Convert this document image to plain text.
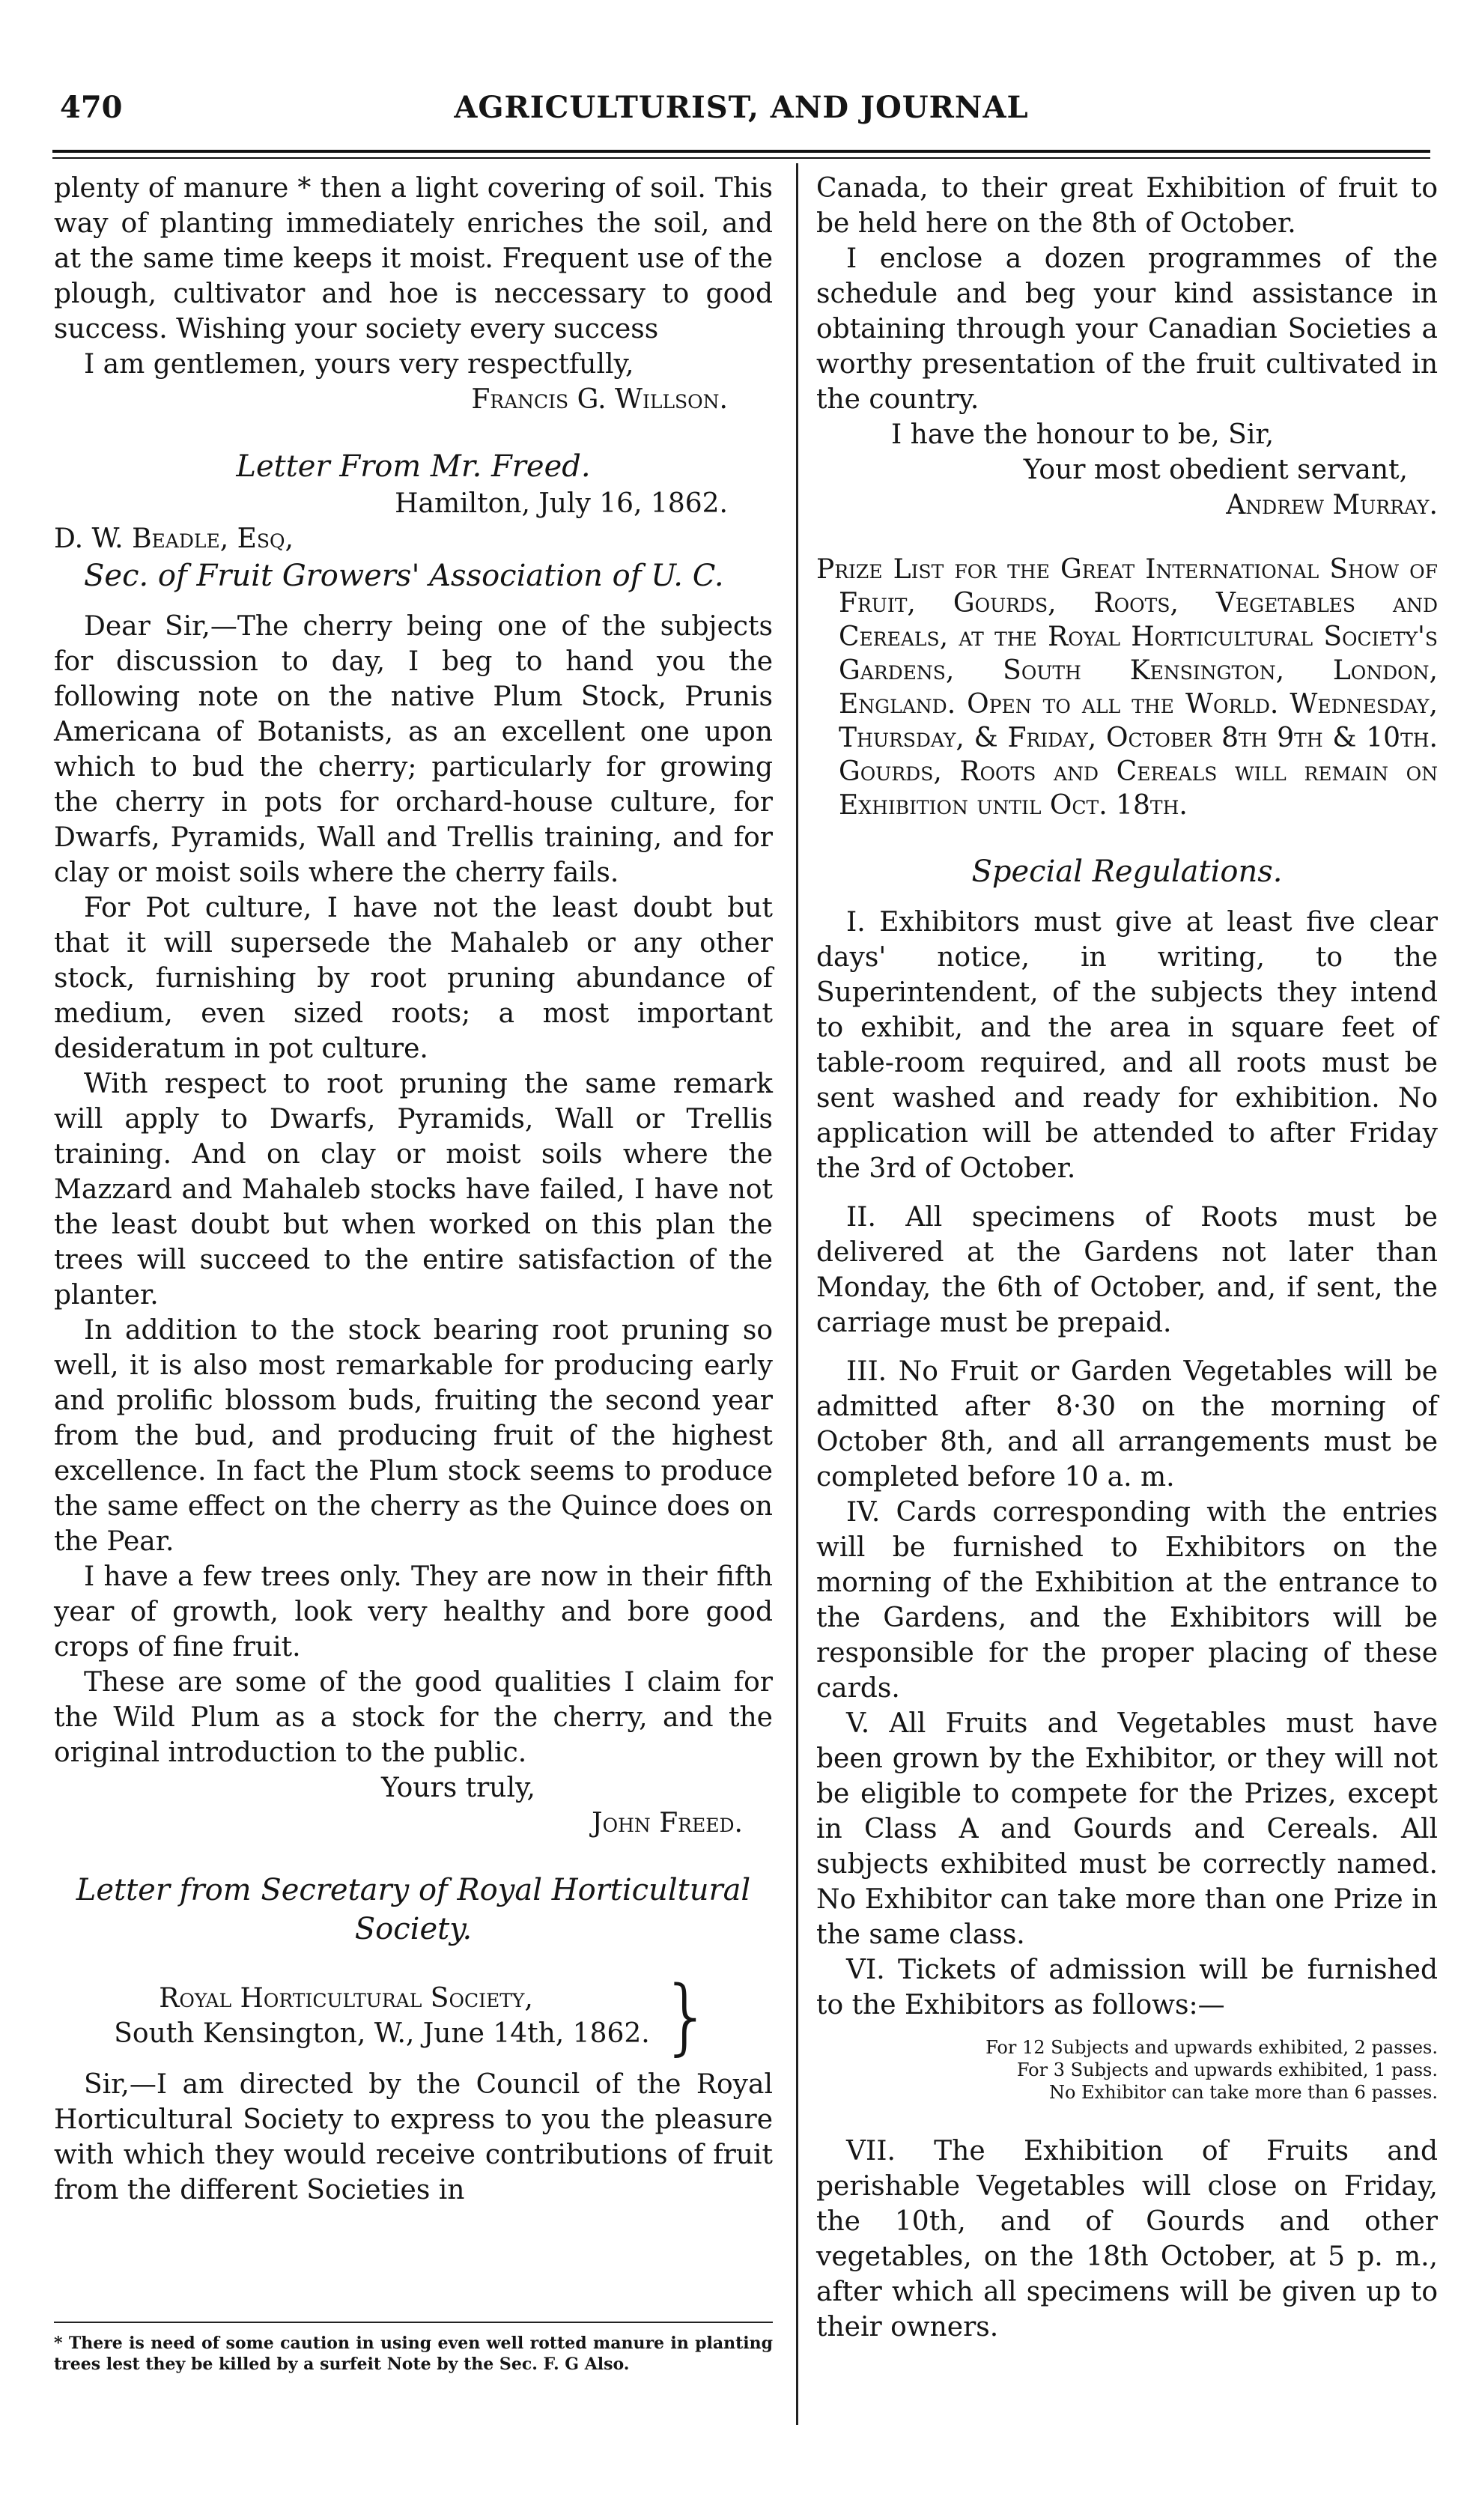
470	AGRICULTURIST, AND JOURNAL

plenty of manure * then a light covering of soil. This way of planting immediately enriches the soil, and at the same time keeps it moist. Frequent use of the plough, cultivator and hoe is neccessary to good success. Wishing your society every success

I am gentlemen, yours very respectfully,

Francis G. Willson.

Letter From Mr. Freed.

Hamilton, July 16, 1862.

D. W. Beadle, Esq,

Sec. of Fruit Growers' Association of U. C.

Dear Sir,—The cherry being one of the subjects for discussion to day, I beg to hand you the following note on the native Plum Stock, Prunis Americana of Botanists, as an excellent one upon which to bud the cherry; particularly for growing the cherry in pots for orchard-house culture, for Dwarfs, Pyramids, Wall and Trellis training, and for clay or moist soils where the cherry fails.

For Pot culture, I have not the least doubt but that it will supersede the Mahaleb or any other stock, furnishing by root pruning abundance of medium, even sized roots; a most important desideratum in pot culture.

With respect to root pruning the same remark will apply to Dwarfs, Pyramids, Wall or Trellis training. And on clay or moist soils where the Mazzard and Mahaleb stocks have failed, I have not the least doubt but when worked on this plan the trees will succeed to the entire satisfaction of the planter.

In addition to the stock bearing root pruning so well, it is also most remarkable for producing early and prolific blossom buds, fruiting the second year from the bud, and producing fruit of the highest excellence. In fact the Plum stock seems to produce the same effect on the cherry as the Quince does on the Pear.

I have a few trees only. They are now in their fifth year of growth, look very healthy and bore good crops of fine fruit.

These are some of the good qualities I claim for the Wild Plum as a stock for the cherry, and the original introduction to the public.

Yours truly,

John Freed.

Letter from Secretary of Royal Horticultural Society.

Royal Horticultural Society,

South Kensington, W., June 14th, 1862. }

Sir,—I am directed by the Council of the Royal Horticultural Society to express to you the pleasure with which they would receive contributions of fruit from the different Societies in

* There is need of some caution in using even well rotted manure in planting trees lest they be killed by a surfeit Note by the Sec. F. G Also.

Canada, to their great Exhibition of fruit to be held here on the 8th of October.

I enclose a dozen programmes of the schedule and beg your kind assistance in obtaining through your Canadian Societies a worthy presentation of the fruit cultivated in the country.

I have the honour to be, Sir,

Your most obedient servant,

Andrew Murray.

Prize List for the Great International Show of Fruit, Gourds, Roots, Vegetables and Cereals, at the Royal Horticultural Society's Gardens, South Kensington, London, England. Open to all the World. Wednesday, Thursday, & Friday, October 8th 9th & 10th. Gourds, Roots and Cereals will remain on Exhibition until Oct. 18th.

Special Regulations.

I. Exhibitors must give at least five clear days' notice, in writing, to the Superintendent, of the subjects they intend to exhibit, and the area in square feet of table-room required, and all roots must be sent washed and ready for exhibition. No application will be attended to after Friday the 3rd of October.

II. All specimens of Roots must be delivered at the Gardens not later than Monday, the 6th of October, and, if sent, the carriage must be prepaid.

III. No Fruit or Garden Vegetables will be admitted after 8·30 on the morning of October 8th, and all arrangements must be completed before 10 a. m.

IV. Cards corresponding with the entries will be furnished to Exhibitors on the morning of the Exhibition at the entrance to the Gardens, and the Exhibitors will be responsible for the proper placing of these cards.

V. All Fruits and Vegetables must have been grown by the Exhibitor, or they will not be eligible to compete for the Prizes, except in Class A and Gourds and Cereals. All subjects exhibited must be correctly named. No Exhibitor can take more than one Prize in the same class.

VI. Tickets of admission will be furnished to the Exhibitors as follows:—

For 12 Subjects and upwards exhibited, 2 passes.

For 3 Subjects and upwards exhibited, 1 pass.

No Exhibitor can take more than 6 passes.

VII. The Exhibition of Fruits and perishable Vegetables will close on Friday, the 10th, and of Gourds and other vegetables, on the 18th October, at 5 p. m., after which all specimens will be given up to their owners.
